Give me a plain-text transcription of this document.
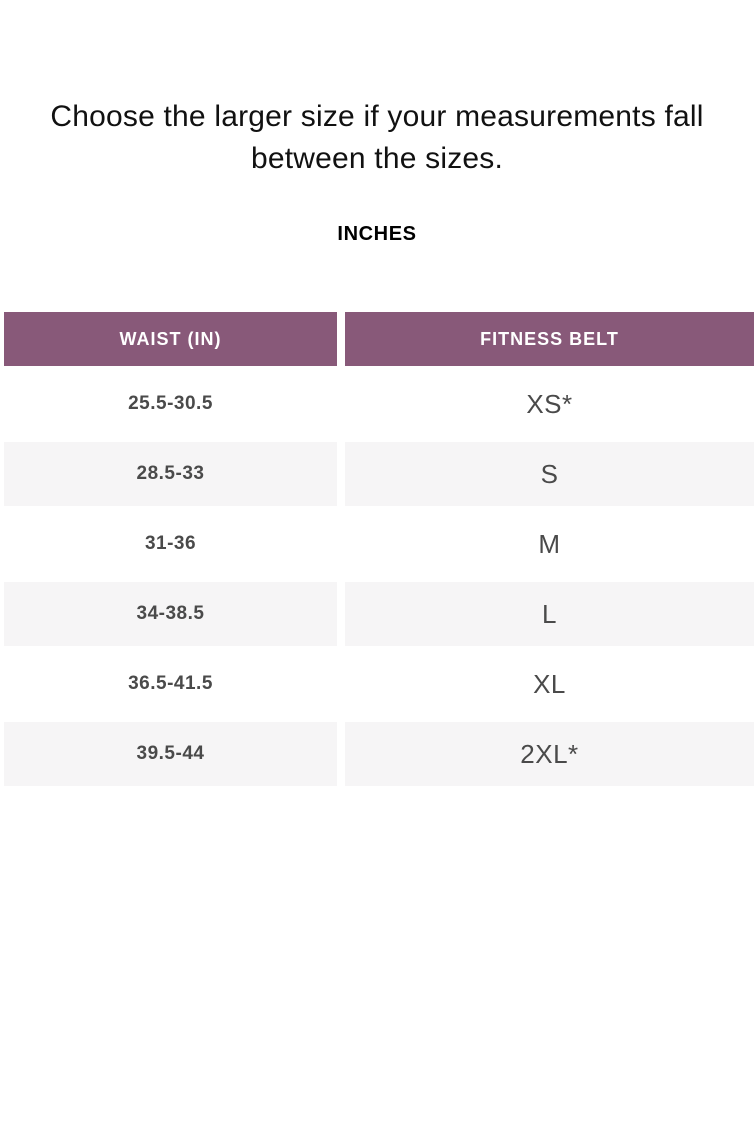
Choose the larger size if your measurements fall
between the sizes.
INCHES
WAIST (IN)	FITNESS BELT
25.5-30.5	XS*
28.5-33	S
31-36	M
34-38.5	L
36.5-41.5	XL
39.5-44	2XL*
